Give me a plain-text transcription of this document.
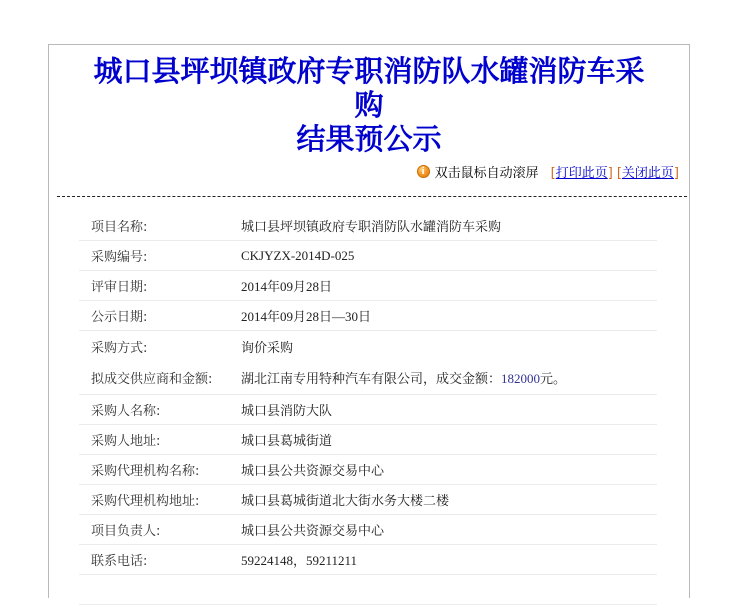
城口县坪坝镇政府专职消防队水罐消防车采购
结果预公示
i
双击鼠标自动滚屏 [打印此页] [关闭此页]
项目名称:	城口县坪坝镇政府专职消防队水罐消防车采购
采购编号:	CKJYZX-2014D-025
评审日期:	2014年09月28日
公示日期:	2014年09月28日—30日
采购方式:	询价采购
拟成交供应商和金额:	湖北江南专用特种汽车有限公司，成交金额：182000元。
采购人名称:	城口县消防大队
采购人地址:	城口县葛城街道
采购代理机构名称:	城口县公共资源交易中心
采购代理机构地址:	城口县葛城街道北大街水务大楼二楼
项目负责人:	城口县公共资源交易中心
联系电话:	59224148，59211211
